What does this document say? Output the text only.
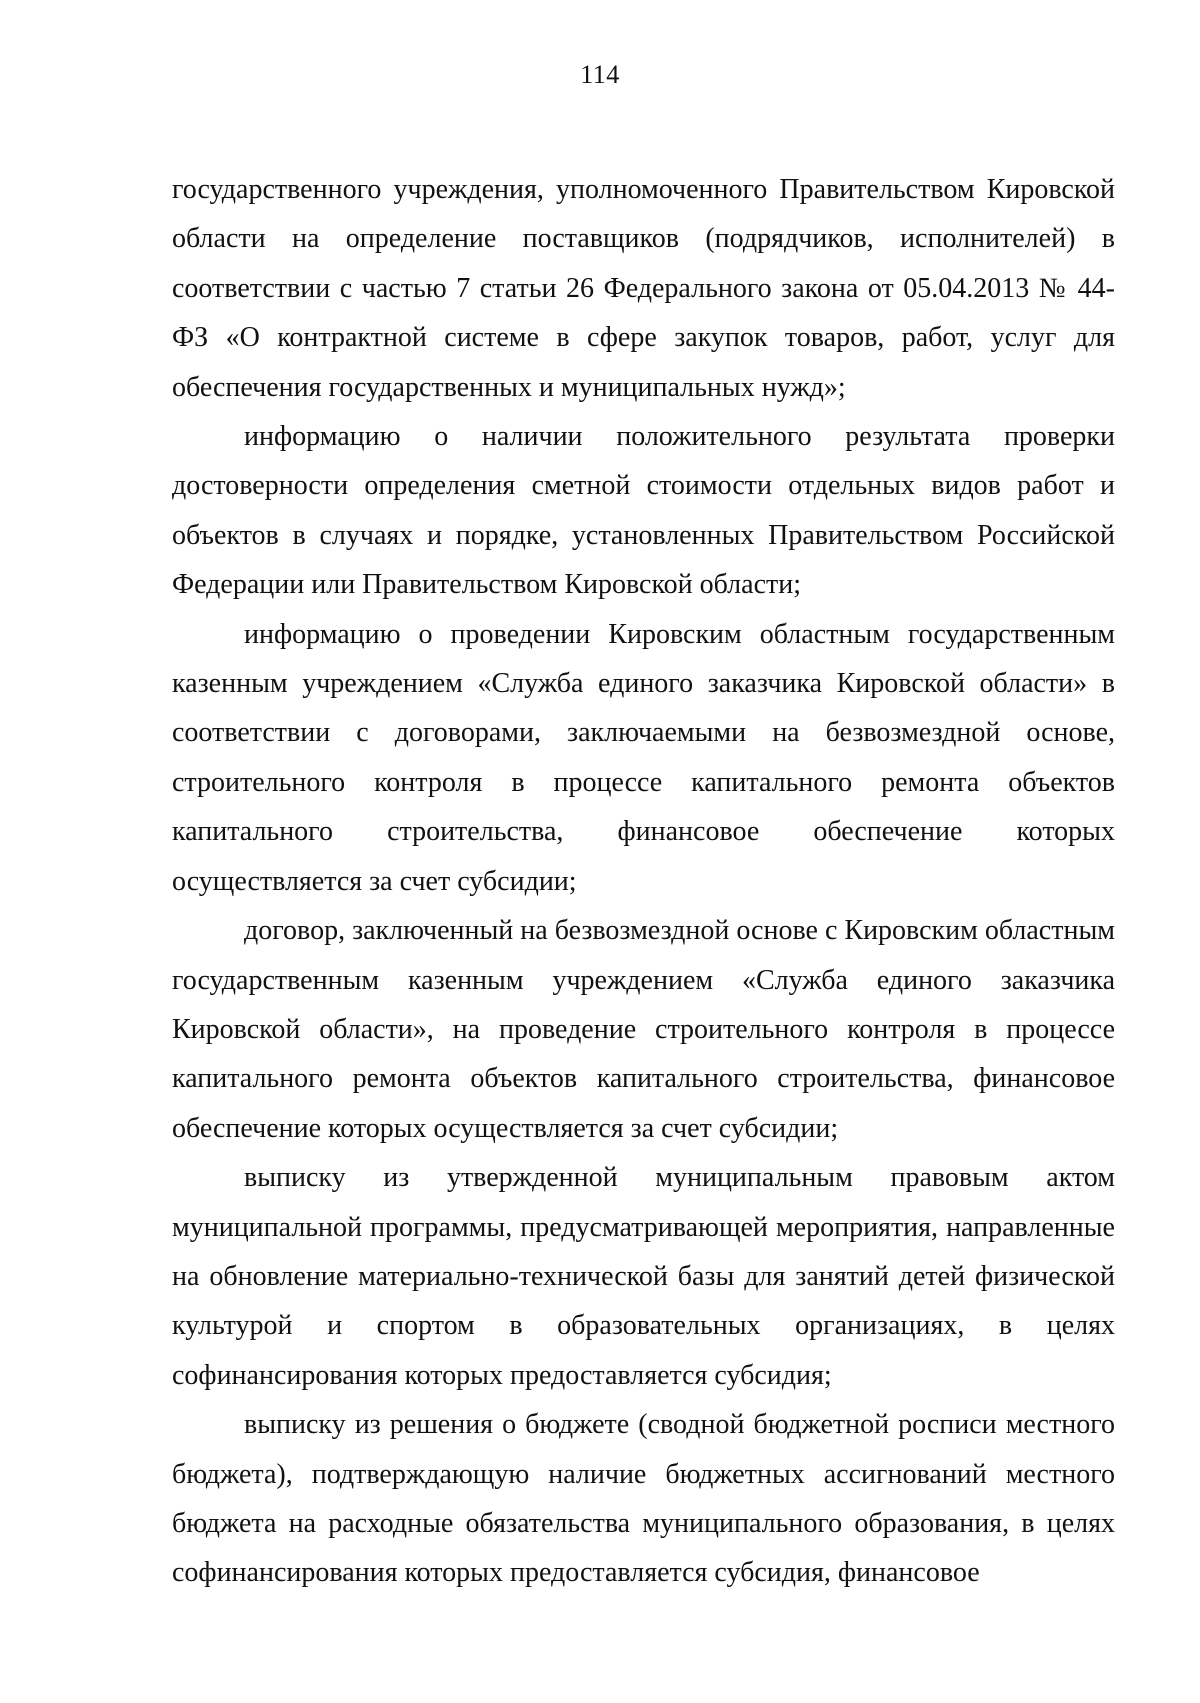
114

государственного учреждения, уполномоченного Правительством Кировской области на определение поставщиков (подрядчиков, исполнителей) в соответствии с частью 7 статьи 26 Федерального закона от 05.04.2013 № 44-ФЗ «О контрактной системе в сфере закупок товаров, работ, услуг для обеспечения государственных и муниципальных нужд»;

информацию о наличии положительного результата проверки достоверности определения сметной стоимости отдельных видов работ и объектов в случаях и порядке, установленных Правительством Российской Федерации или Правительством Кировской области;

информацию о проведении Кировским областным государственным казенным учреждением «Служба единого заказчика Кировской области» в соответствии с договорами, заключаемыми на безвозмездной основе, строительного контроля в процессе капитального ремонта объектов капитального строительства, финансовое обеспечение которых осуществляется за счет субсидии;

договор, заключенный на безвозмездной основе с Кировским областным государственным казенным учреждением «Служба единого заказчика Кировской области», на проведение строительного контроля в процессе капитального ремонта объектов капитального строительства, финансовое обеспечение которых осуществляется за счет субсидии;

выписку из утвержденной муниципальным правовым актом муниципальной программы, предусматривающей мероприятия, направленные на обновление материально-технической базы для занятий детей физической культурой и спортом в образовательных организациях, в целях софинансирования которых предоставляется субсидия;

выписку из решения о бюджете (сводной бюджетной росписи местного бюджета), подтверждающую наличие бюджетных ассигнований местного бюджета на расходные обязательства муниципального образования, в целях софинансирования которых предоставляется субсидия, финансовое
